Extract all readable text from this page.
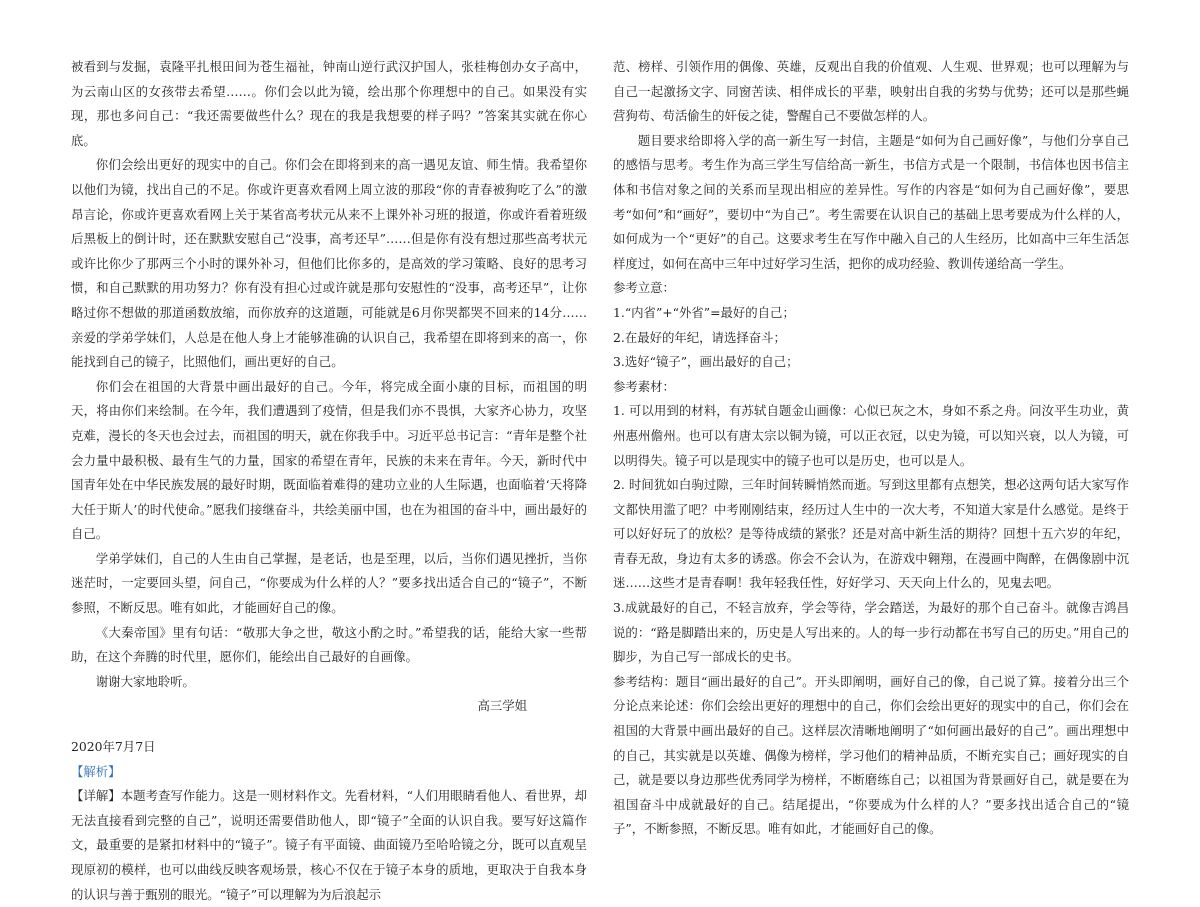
被看到与发掘，袁隆平扎根田间为苍生福祉，钟南山逆行武汉护国人，张桂梅创办女子高中，为云南山区的女孩带去希望……。你们会以此为镜，绘出那个你理想中的自己。如果没有实现，那也多问自己：“我还需要做些什么？现在的我是我想要的样子吗？”答案其实就在你心底。

你们会绘出更好的现实中的自己。你们会在即将到来的高一遇见友谊、师生情。我希望你以他们为镜，找出自己的不足。你或许更喜欢看网上周立波的那段“你的青春被狗吃了么”的激昂言论，你或许更喜欢看网上关于某省高考状元从来不上课外补习班的报道，你或许看着班级后黑板上的倒计时，还在默默安慰自己“没事，高考还早”……但是你有没有想过那些高考状元或许比你少了那两三个小时的课外补习，但他们比你多的，是高效的学习策略、良好的思考习惯，和自己默默的用功努力？你有没有担心过或许就是那句安慰性的“没事，高考还早”，让你略过你不想做的那道函数放缩，而你放弃的这道题，可能就是6月你哭都哭不回来的14分……亲爱的学弟学妹们，人总是在他人身上才能够准确的认识自己，我希望在即将到来的高一，你能找到自己的镜子，比照他们，画出更好的自己。

你们会在祖国的大背景中画出最好的自己。今年，将完成全面小康的目标，而祖国的明天，将由你们来绘制。在今年，我们遭遇到了疫情，但是我们亦不畏惧，大家齐心协力，攻坚克难，漫长的冬天也会过去，而祖国的明天，就在你我手中。习近平总书记言：“青年是整个社会力量中最积极、最有生气的力量，国家的希望在青年，民族的未来在青年。今天，新时代中国青年处在中华民族发展的最好时期，既面临着难得的建功立业的人生际遇，也面临着‘天将降大任于斯人’的时代使命。”愿我们接继奋斗，共绘美丽中国，也在为祖国的奋斗中，画出最好的自己。

学弟学妹们，自己的人生由自己掌握，是老话，也是至理，以后，当你们遇见挫折，当你迷茫时，一定要回头望，问自己，“你要成为什么样的人？”要多找出适合自己的“镜子”，不断参照，不断反思。唯有如此，才能画好自己的像。

《大秦帝国》里有句话：“敬那大争之世，敬这小酌之时。”希望我的话，能给大家一些帮助，在这个奔腾的时代里，愿你们，能绘出自己最好的自画像。

谢谢大家地聆听。

高三学姐

2020年7月7日

【解析】

【详解】本题考查写作能力。这是一则材料作文。先看材料，“人们用眼睛看他人、看世界，却无法直接看到完整的自己”，说明还需要借助他人，即“镜子”全面的认识自我。要写好这篇作文，最重要的是紧扣材料中的“镜子”。镜子有平面镜、曲面镜乃至哈哈镜之分，既可以直观呈现原初的模样，也可以曲线反映客观场景，核心不仅在于镜子本身的质地，更取决于自我本身的认识与善于甄别的眼光。“镜子”可以理解为为后浪起示

范、榜样、引领作用的偶像、英雄，反观出自我的价值观、人生观、世界观；也可以理解为与自己一起激扬文字、同窗苦读、相伴成长的平辈，映射出自我的劣势与优势；还可以是那些蝇营狗苟、苟活偷生的奸佞之徒，警醒自己不要做怎样的人。

题目要求给即将入学的高一新生写一封信，主题是“如何为自己画好像”，与他们分享自己的感悟与思考。考生作为高三学生写信给高一新生，书信方式是一个限制，书信体也因书信主体和书信对象之间的关系而呈现出相应的差异性。写作的内容是“如何为自己画好像”，要思考“如何”和“画好”，要切中“为自己”。考生需要在认识自己的基础上思考要成为什么样的人，如何成为一个“更好”的自己。这要求考生在写作中融入自己的人生经历，比如高中三年生活怎样度过，如何在高中三年中过好学习生活，把你的成功经验、教训传递给高一学生。

参考立意：

1.“内省”+“外省”=最好的自己；

2.在最好的年纪，请选择奋斗；

3.选好“镜子”，画出最好的自己；

参考素材：

1. 可以用到的材料，有苏轼自题金山画像：心似已灰之木，身如不系之舟。问汝平生功业，黄州惠州儋州。也可以有唐太宗以铜为镜，可以正衣冠，以史为镜，可以知兴衰，以人为镜，可以明得失。镜子可以是现实中的镜子也可以是历史，也可以是人。

2. 时间犹如白驹过隙，三年时间转瞬悄然而逝。写到这里都有点想笑，想必这两句话大家写作文都快用滥了吧？中考刚刚结束，经历过人生中的一次大考，不知道大家是什么感觉。是终于可以好好玩了的放松？是等待成绩的紧张？还是对高中新生活的期待？回想十五六岁的年纪，青春无敌，身边有太多的诱惑。你会不会认为，在游戏中翱翔，在漫画中陶醉，在偶像剧中沉迷……这些才是青春啊！我年轻我任性，好好学习、天天向上什么的，见鬼去吧。

3.成就最好的自己，不轻言放弃，学会等待，学会踏送，为最好的那个自己奋斗。就像吉鸿昌说的：“路是脚踏出来的，历史是人写出来的。人的每一步行动都在书写自己的历史。”用自己的脚步，为自己写一部成长的史书。

参考结构：题目“画出最好的自己”。开头即阐明，画好自己的像，自己说了算。接着分出三个分论点来论述：你们会绘出更好的理想中的自己，你们会绘出更好的现实中的自己，你们会在祖国的大背景中画出最好的自己。这样层次清晰地阐明了“如何画出最好的自己”。画出理想中的自己，其实就是以英雄、偶像为榜样，学习他们的精神品质，不断充实自己；画好现实的自己，就是要以身边那些优秀同学为榜样，不断磨练自己；以祖国为背景画好自己，就是要在为祖国奋斗中成就最好的自己。结尾提出，“你要成为什么样的人？”要多找出适合自己的“镜子”，不断参照，不断反思。唯有如此，才能画好自己的像。
